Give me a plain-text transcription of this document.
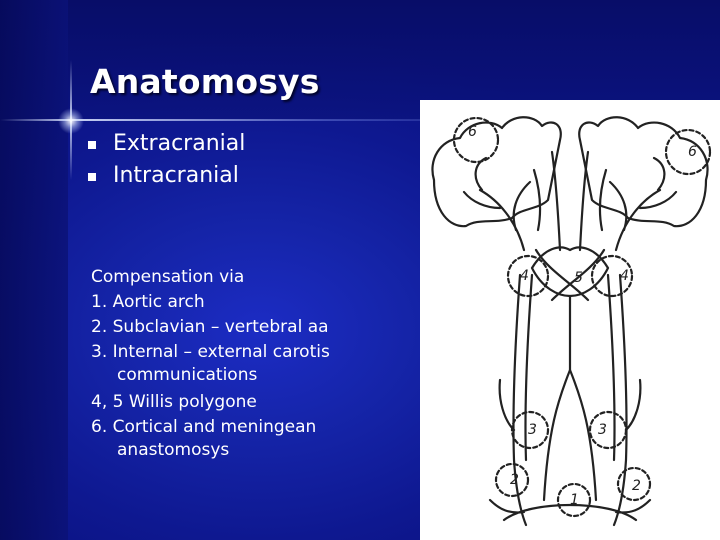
Anatomosys
Extracranial
Intracranial
Compensation via
1. Aortic arch
2. Subclavian – vertebral aa
3. Internal – external carotis
communications
4, 5 Willis polygone
6. Cortical and meningean
anastomosys
6
6
4	5	4
3	3
2	2
1
